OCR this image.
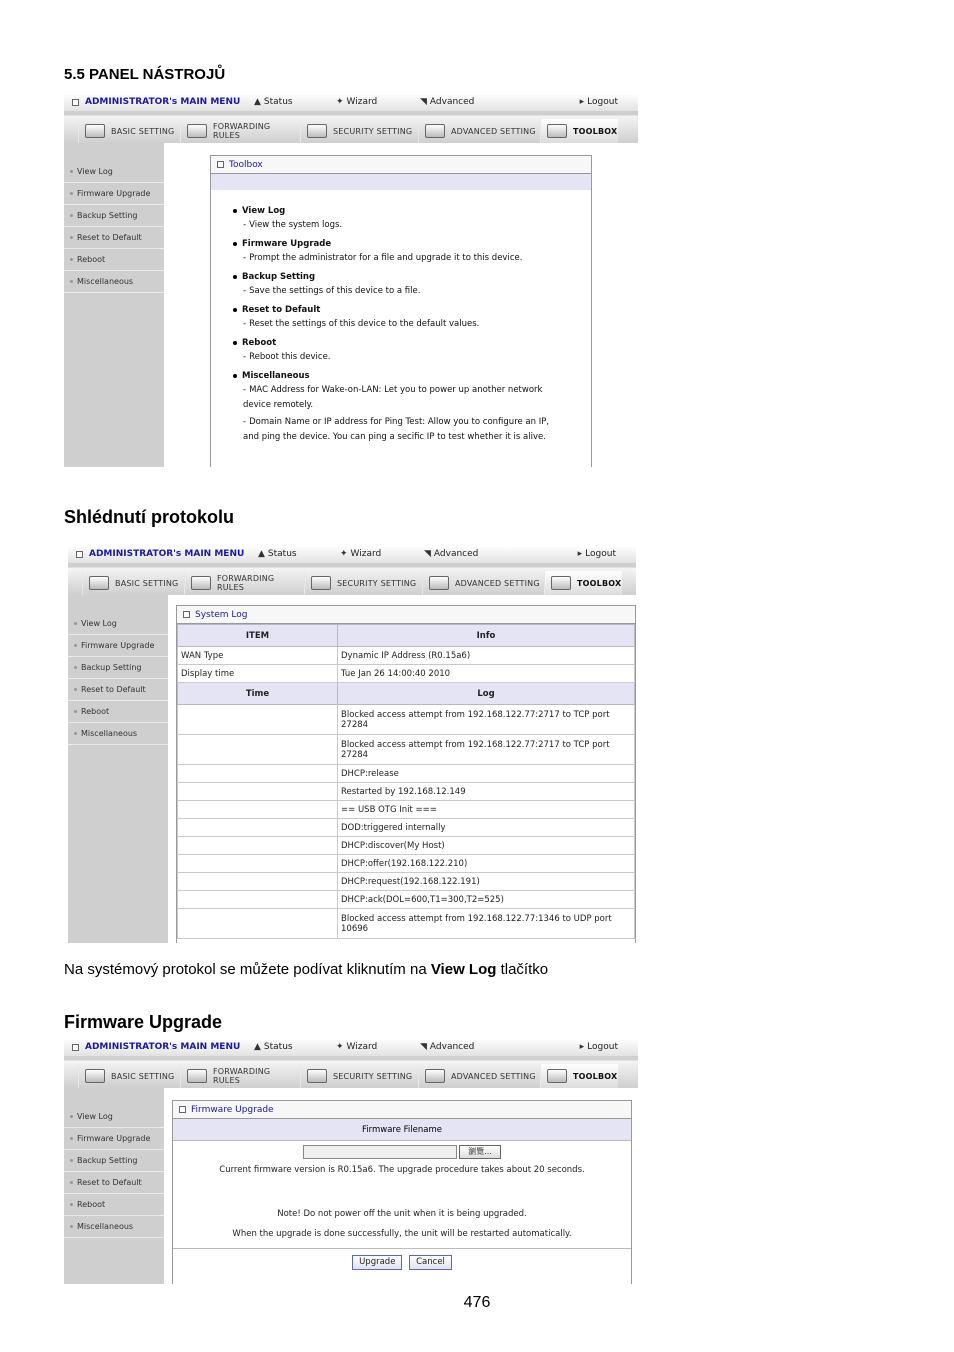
5.5 PANEL NÁSTROJŮ
ADMINISTRATOR's MAIN MENU ▲ Status	✦ Wizard	◥ Advanced	▸ Logout
BASIC SETTING	FORWARDING RULES	SECURITY SETTING	ADVANCED SETTING	TOOLBOX
View Log
Firmware Upgrade
Backup Setting
Reset to Default
Reboot
Miscellaneous
Toolbox
View Log
- View the system logs.
Firmware Upgrade
- Prompt the administrator for a file and upgrade it to this device.
Backup Setting
- Save the settings of this device to a file.
Reset to Default
- Reset the settings of this device to the default values.
Reboot
- Reboot this device.
Miscellaneous
- MAC Address for Wake-on-LAN: Let you to power up another network device remotely.
- Domain Name or IP address for Ping Test: Allow you to configure an IP, and ping the device. You can ping a secific IP to test whether it is alive.
Shlédnutí protokolu
ADMINISTRATOR's MAIN MENU ▲ Status	✦ Wizard	◥ Advanced	▸ Logout
BASIC SETTING	FORWARDING RULES	SECURITY SETTING	ADVANCED SETTING	TOOLBOX
View Log
Firmware Upgrade
Backup Setting
Reset to Default
Reboot
Miscellaneous
System Log
ITEM	Info
WAN Type	Dynamic IP Address (R0.15a6)
Display time	Tue Jan 26 14:00:40 2010
Time	Log
	Blocked access attempt from 192.168.122.77:2717 to TCP port 27284
	Blocked access attempt from 192.168.122.77:2717 to TCP port 27284
	DHCP:release
	Restarted by 192.168.12.149
	== USB OTG Init ===
	DOD:triggered internally
	DHCP:discover(My Host)
	DHCP:offer(192.168.122.210)
	DHCP:request(192.168.122.191)
	DHCP:ack(DOL=600,T1=300,T2=525)
	Blocked access attempt from 192.168.122.77:1346 to UDP port 10696
Na systémový protokol se můžete podívat kliknutím na View Log tlačítko
Firmware Upgrade
ADMINISTRATOR's MAIN MENU ▲ Status	✦ Wizard	◥ Advanced	▸ Logout
BASIC SETTING	FORWARDING RULES	SECURITY SETTING	ADVANCED SETTING	TOOLBOX
View Log
Firmware Upgrade
Backup Setting
Reset to Default
Reboot
Miscellaneous
Firmware Upgrade
Firmware Filename
瀏覽...
Current firmware version is R0.15a6. The upgrade procedure takes about 20 seconds.
Note! Do not power off the unit when it is being upgraded.
When the upgrade is done successfully, the unit will be restarted automatically.
Upgrade Cancel
476
